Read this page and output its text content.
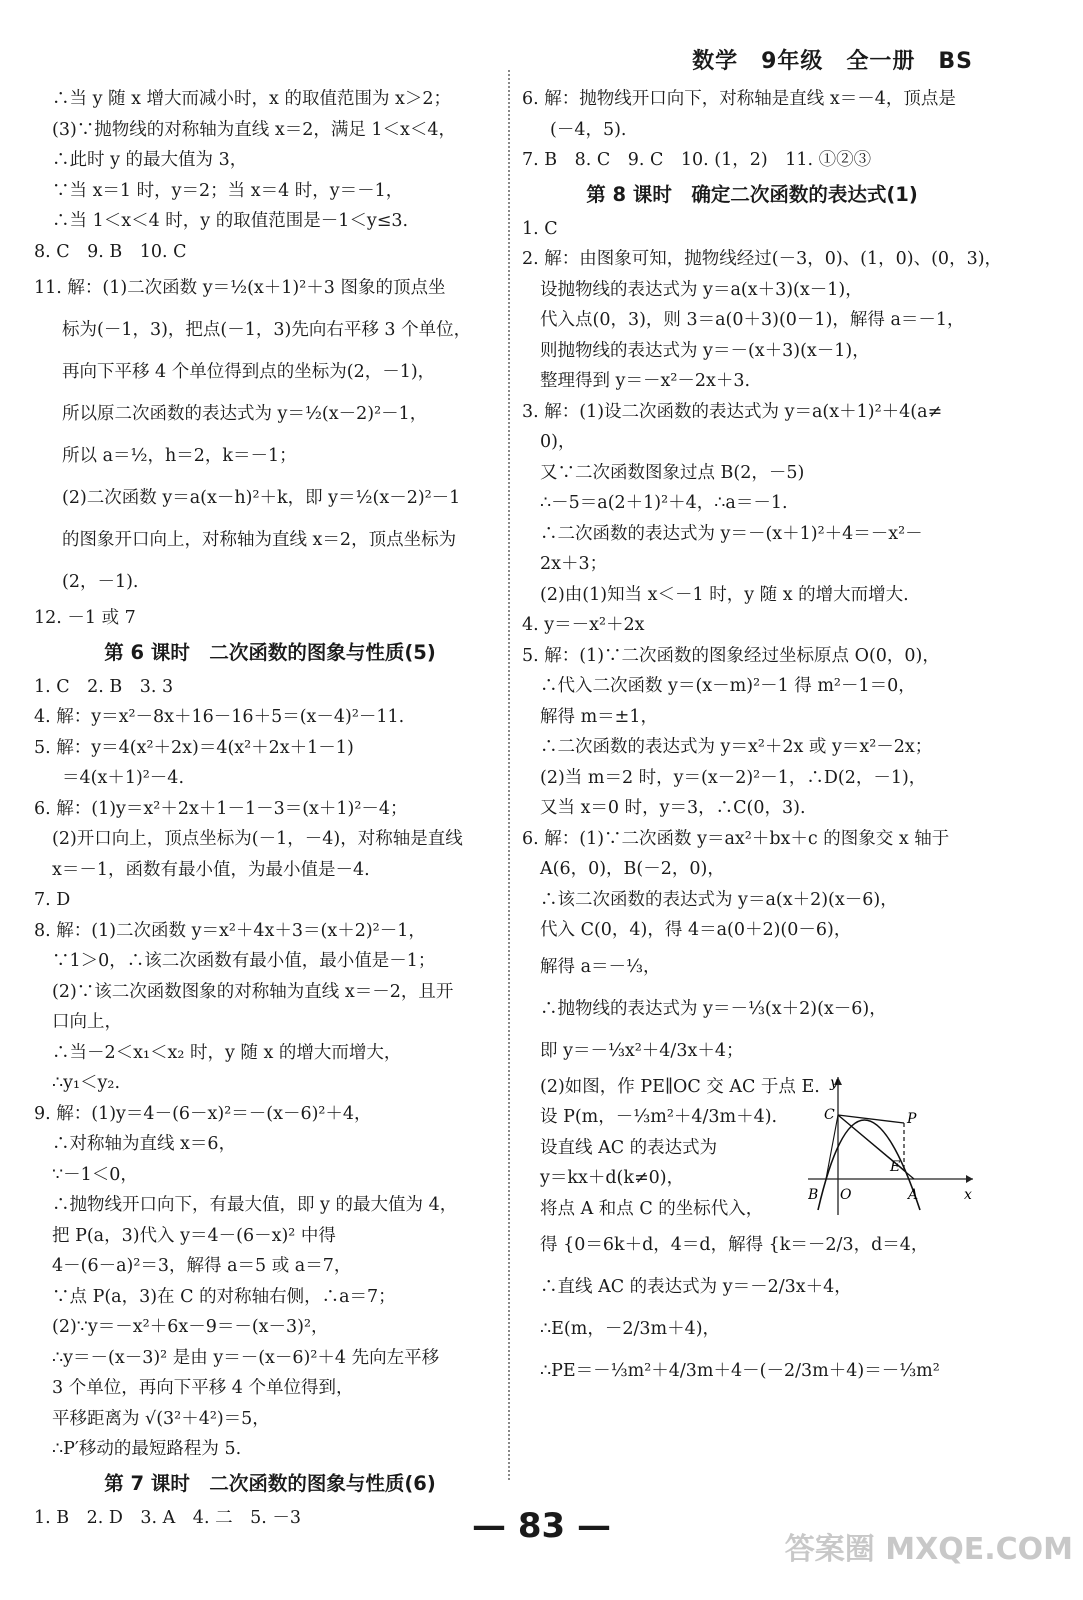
数学　9年级　全一册　BS
∴当 y 随 x 增大而减小时，x 的取值范围为 x＞2；
(3)∵抛物线的对称轴为直线 x＝2，满足 1＜x＜4，
∴此时 y 的最大值为 3，
∵当 x＝1 时，y＝2；当 x＝4 时，y＝－1，
∴当 1＜x＜4 时，y 的取值范围是－1＜y≤3.
8. C　9. B　10. C
11. 解：(1)二次函数 y＝½(x＋1)²＋3 图象的顶点坐
标为(－1，3)，把点(－1，3)先向右平移 3 个单位，
再向下平移 4 个单位得到点的坐标为(2，－1)，
所以原二次函数的表达式为 y＝½(x－2)²－1，
所以 a＝½，h＝2，k＝－1；
(2)二次函数 y＝a(x－h)²＋k，即 y＝½(x－2)²－1
的图象开口向上，对称轴为直线 x＝2，顶点坐标为
(2，－1).
12. －1 或 7
第 6 课时　二次函数的图象与性质(5)
1. C　2. B　3. 3
4. 解：y＝x²－8x＋16－16＋5＝(x－4)²－11.
5. 解：y＝4(x²＋2x)＝4(x²＋2x＋1－1)
＝4(x＋1)²－4.
6. 解：(1)y＝x²＋2x＋1－1－3＝(x＋1)²－4；
(2)开口向上，顶点坐标为(－1，－4)，对称轴是直线
x＝－1，函数有最小值，为最小值是－4.
7. D
8. 解：(1)二次函数 y＝x²＋4x＋3＝(x＋2)²－1，
∵1＞0，∴该二次函数有最小值，最小值是－1；
(2)∵该二次函数图象的对称轴为直线 x＝－2，且开
口向上，
∴当－2＜x₁＜x₂ 时，y 随 x 的增大而增大，
∴y₁＜y₂.
9. 解：(1)y＝4－(6－x)²＝－(x－6)²＋4，
∴对称轴为直线 x＝6，
∵－1＜0，
∴抛物线开口向下，有最大值，即 y 的最大值为 4，
把 P(a，3)代入 y＝4－(6－x)² 中得
4－(6－a)²＝3，解得 a＝5 或 a＝7，
∵点 P(a，3)在 C 的对称轴右侧，∴a＝7；
(2)∵y＝－x²＋6x－9＝－(x－3)²，
∴y＝－(x－3)² 是由 y＝－(x－6)²＋4 先向左平移
3 个单位，再向下平移 4 个单位得到，
平移距离为 √(3²＋4²)＝5，
∴P′移动的最短路程为 5.
第 7 课时　二次函数的图象与性质(6)
1. B　2. D　3. A　4. 二　5. －3
6. 解：抛物线开口向下，对称轴是直线 x＝－4，顶点是
(－4，5).
7. B　8. C　9. C　10. (1，2)　11. ①②③
第 8 课时　确定二次函数的表达式(1)
1. C
2. 解：由图象可知，抛物线经过(－3，0)、(1，0)、(0，3)，
设抛物线的表达式为 y＝a(x＋3)(x－1)，
代入点(0，3)，则 3＝a(0＋3)(0－1)，解得 a＝－1，
则抛物线的表达式为 y＝－(x＋3)(x－1)，
整理得到 y＝－x²－2x＋3.
3. 解：(1)设二次函数的表达式为 y＝a(x＋1)²＋4(a≠
0)，
又∵二次函数图象过点 B(2，－5)
∴－5＝a(2＋1)²＋4，∴a＝－1.
∴二次函数的表达式为 y＝－(x＋1)²＋4＝－x²－
2x＋3；
(2)由(1)知当 x＜－1 时，y 随 x 的增大而增大.
4. y＝－x²＋2x
5. 解：(1)∵二次函数的图象经过坐标原点 O(0，0)，
∴代入二次函数 y＝(x－m)²－1 得 m²－1＝0，
解得 m＝±1，
∴二次函数的表达式为 y＝x²＋2x 或 y＝x²－2x；
(2)当 m＝2 时，y＝(x－2)²－1，∴D(2，－1)，
又当 x＝0 时，y＝3，∴C(0，3).
6. 解：(1)∵二次函数 y＝ax²＋bx＋c 的图象交 x 轴于
A(6，0)，B(－2，0)，
∴该二次函数的表达式为 y＝a(x＋2)(x－6)，
代入 C(0，4)，得 4＝a(0＋2)(0－6)，
解得 a＝－⅓，
∴抛物线的表达式为 y＝－⅓(x＋2)(x－6)，
即 y＝－⅓x²＋4/3x＋4；
(2)如图，作 PE∥OC 交 AC 于点 E.
设 P(m，－⅓m²＋4/3m＋4).
设直线 AC 的表达式为
y＝kx＋d(k≠0)，
将点 A 和点 C 的坐标代入，
得 {0＝6k＋d，4＝d，解得 {k＝－2/3，d＝4，
∴直线 AC 的表达式为 y＝－2/3x＋4，
∴E(m，－2/3m＋4)，
∴PE＝－⅓m²＋4/3m＋4－(－2/3m＋4)＝－⅓m²
y
x
C	P
E
B O	A
— 83 —
答案圈 MXQE.COM
